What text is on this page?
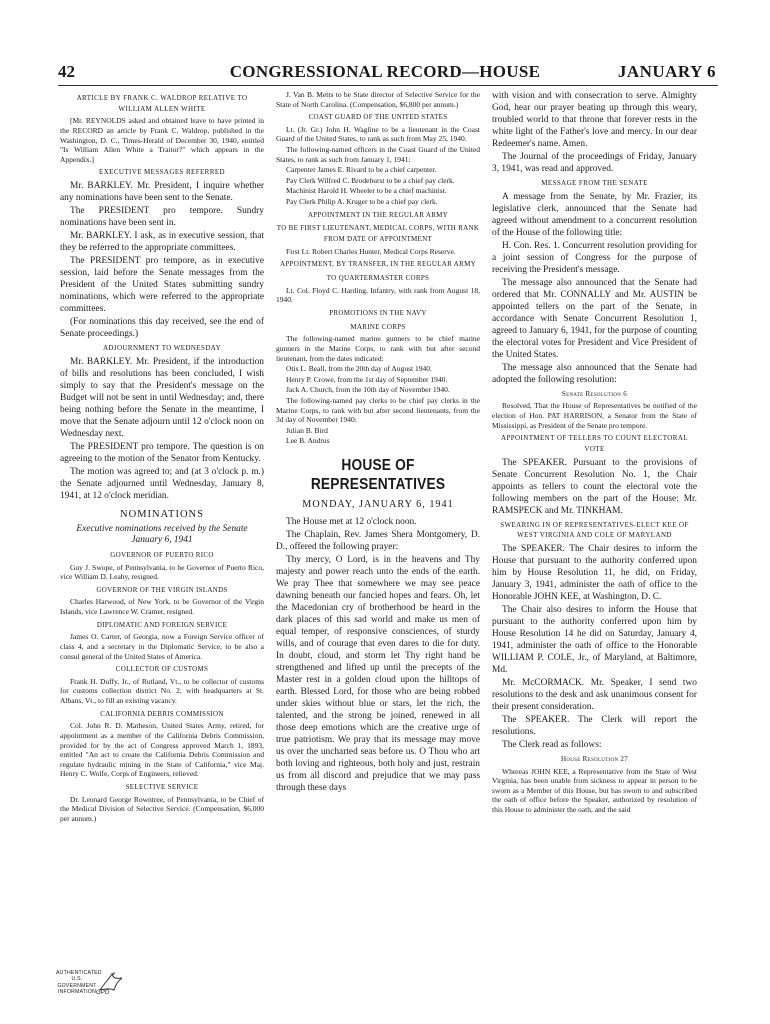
42	CONGRESSIONAL RECORD—HOUSE	JANUARY 6

ARTICLE BY FRANK C. WALDROP RELATIVE TO WILLIAM ALLEN WHITE

[Mr. REYNOLDS asked and obtained leave to have printed in the RECORD an article by Frank C. Waldrop, published in the Washington, D. C., Times-Herald of December 30, 1940, entitled "Is William Allen White a Traitor?" which appears in the Appendix.]

EXECUTIVE MESSAGES REFERRED

Mr. BARKLEY. Mr. President, I inquire whether any nominations have been sent to the Senate.

The PRESIDENT pro tempore. Sundry nominations have been sent in.

Mr. BARKLEY. I ask, as in executive session, that they be referred to the appropriate committees.

The PRESIDENT pro tempore, as in executive session, laid before the Senate messages from the President of the United States submitting sundry nominations, which were referred to the appropriate committees.

(For nominations this day received, see the end of Senate proceedings.)

ADJOURNMENT TO WEDNESDAY

Mr. BARKLEY. Mr. President, if the introduction of bills and resolutions has been concluded, I wish simply to say that the President's message on the Budget will not be sent in until Wednesday; and, there being nothing before the Senate in the meantime, I move that the Senate adjourn until 12 o'clock noon on Wednesday next.

The PRESIDENT pro tempore. The question is on agreeing to the motion of the Senator from Kentucky.

The motion was agreed to; and (at 3 o'clock p. m.) the Senate adjourned until Wednesday, January 8, 1941, at 12 o'clock meridian.

NOMINATIONS

Executive nominations received by the Senate January 6, 1941

GOVERNOR OF PUERTO RICO

Guy J. Swope, of Pennsylvania, to be Governor of Puerto Rico, vice William D. Leahy, resigned.

GOVERNOR OF THE VIRGIN ISLANDS

Charles Harwood, of New York, to be Governor of the Virgin Islands, vice Lawrence W. Cramer, resigned.

DIPLOMATIC AND FOREIGN SERVICE

James O. Carter, of Georgia, now a Foreign Service officer of class 4, and a secretary in the Diplomatic Service, to be also a consul general of the United States of America.

COLLECTOR OF CUSTOMS

Frank H. Duffy, Jr., of Rutland, Vt., to be collector of customs for customs collection district No. 2, with headquarters at St. Albans, Vt., to fill an existing vacancy.

CALIFORNIA DEBRIS COMMISSION

Col. John R. D. Matheson, United States Army, retired, for appointment as a member of the California Debris Commission, provided for by the act of Congress approved March 1, 1893, entitled "An act to create the California Debris Commission and regulate hydraulic mining in the State of California," vice Maj. Henry C. Wolfe, Corps of Engineers, relieved.

SELECTIVE SERVICE

Dr. Leonard George Rowntree, of Pennsylvania, to be Chief of the Medical Division of Selective Service. (Compensation, $6,000 per annum.)

J. Van B. Metts to be State director of Selective Service for the State of North Carolina. (Compensation, $6,800 per annum.)

COAST GUARD OF THE UNITED STATES

Lt. (Jr. Gr.) John H. Wagline to be a lieutenant in the Coast Guard of the United States, to rank as such from May 25, 1940.

The following-named officers in the Coast Guard of the United States, to rank as such from January 1, 1941:

Carpenter James E. Rivard to be a chief carpenter.

Pay Clerk Wilfred C. Brodehurst to be a chief pay clerk.

Machinist Harold H. Wheeler to be a chief machinist.

Pay Clerk Philip A. Kruger to be a chief pay clerk.

APPOINTMENT IN THE REGULAR ARMY

TO BE FIRST LIEUTENANT, MEDICAL CORPS, WITH RANK FROM DATE OF APPOINTMENT

First Lt. Robert Charles Hunter, Medical Corps Reserve.

APPOINTMENT, BY TRANSFER, IN THE REGULAR ARMY

TO QUARTERMASTER CORPS

Lt. Col. Floyd C. Harding, Infantry, with rank from August 18, 1940.

PROMOTIONS IN THE NAVY

MARINE CORPS

The following-named marine gunners to be chief marine gunners in the Marine Corps, to rank with but after second lieutenant, from the dates indicated:

Otis L. Beall, from the 20th day of August 1940.

Henry P. Crowe, from the 1st day of September 1940.

Jack A. Church, from the 10th day of November 1940.

The following-named pay clerks to be chief pay clerks in the Marine Corps, to rank with but after second lieutenants, from the 3d day of November 1940:

Julian B. Bird

Lee B. Andrus

HOUSE OF REPRESENTATIVES

MONDAY, JANUARY 6, 1941

The House met at 12 o'clock noon.

The Chaplain, Rev. James Shera Montgomery, D. D., offered the following prayer:

Thy mercy, O Lord, is in the heavens and Thy majesty and power reach unto the ends of the earth. We pray Thee that somewhere we may see peace dawning beneath our fancied hopes and fears. Oh, let the Macedonian cry of brotherhood be heard in the dark places of this sad world and make us men of equal temper, of responsive consciences, of sturdy wills, and of courage that even dares to die for duty. In doubt, cloud, and storm let Thy right hand be strengthened and lifted up until the precepts of the Master rest in a golden cloud upon the hilltops of earth. Blessed Lord, for those who are being robbed under skies without blue or stars, let the rich, the talented, and the strong be joined, renewed in all those deep emotions which are the creative urge of true patriotism. We pray that its message may move us over the uncharted seas before us. O Thou who art both loving and righteous, both holy and just, restrain us from all discord and prejudice that we may pass through these days

with vision and with consecration to serve. Almighty God, hear our prayer beating up through this weary, troubled world to that throne that forever rests in the white light of the Father's love and mercy. In our dear Redeemer's name. Amen.

The Journal of the proceedings of Friday, January 3, 1941, was read and approved.

MESSAGE FROM THE SENATE

A message from the Senate, by Mr. Frazier, its legislative clerk, announced that the Senate had agreed without amendment to a concurrent resolution of the House of the following title:

H. Con. Res. 1. Concurrent resolution providing for a joint session of Congress for the purpose of receiving the President's message.

The message also announced that the Senate had ordered that Mr. CONNALLY and Mr. AUSTIN be appointed tellers on the part of the Senate, in accordance with Senate Concurrent Resolution 1, agreed to January 6, 1941, for the purpose of counting the electoral votes for President and Vice President of the United States.

The message also announced that the Senate had adopted the following resolution:

Senate Resolution 6

Resolved, That the House of Representatives be notified of the election of Hon. PAT HARRISON, a Senator from the State of Mississippi, as President of the Senate pro tempore.

APPOINTMENT OF TELLERS TO COUNT ELECTORAL VOTE

The SPEAKER. Pursuant to the provisions of Senate Concurrent Resolution No. 1, the Chair appoints as tellers to count the electoral vote the following members on the part of the House: Mr. RAMSPECK and Mr. TINKHAM.

SWEARING IN OF REPRESENTATIVES-ELECT KEE OF WEST VIRGINIA AND COLE OF MARYLAND

The SPEAKER. The Chair desires to inform the House that pursuant to the authority conferred upon him by House Resolution 11, he did, on Friday, January 3, 1941, administer the oath of office to the Honorable JOHN KEE, at Washington, D. C.

The Chair also desires to inform the House that pursuant to the authority conferred upon him by House Resolution 14 he did on Saturday, January 4, 1941, administer the oath of office to the Honorable WILLIAM P. COLE, Jr., of Maryland, at Baltimore, Md.

Mr. McCORMACK. Mr. Speaker, I send two resolutions to the desk and ask unanimous consent for their present consideration.

The SPEAKER. The Clerk will report the resolutions.

The Clerk read as follows:

House Resolution 27

Whereas JOHN KEE, a Representative from the State of West Virginia, has been unable from sickness to appear in person to be sworn as a Member of this House, but has sworn to and subscribed the oath of office before the Speaker, authorized by resolution of this House to administer the oath, and the said

AUTHENTICATED U.S. GOVERNMENT INFORMATION GPO
